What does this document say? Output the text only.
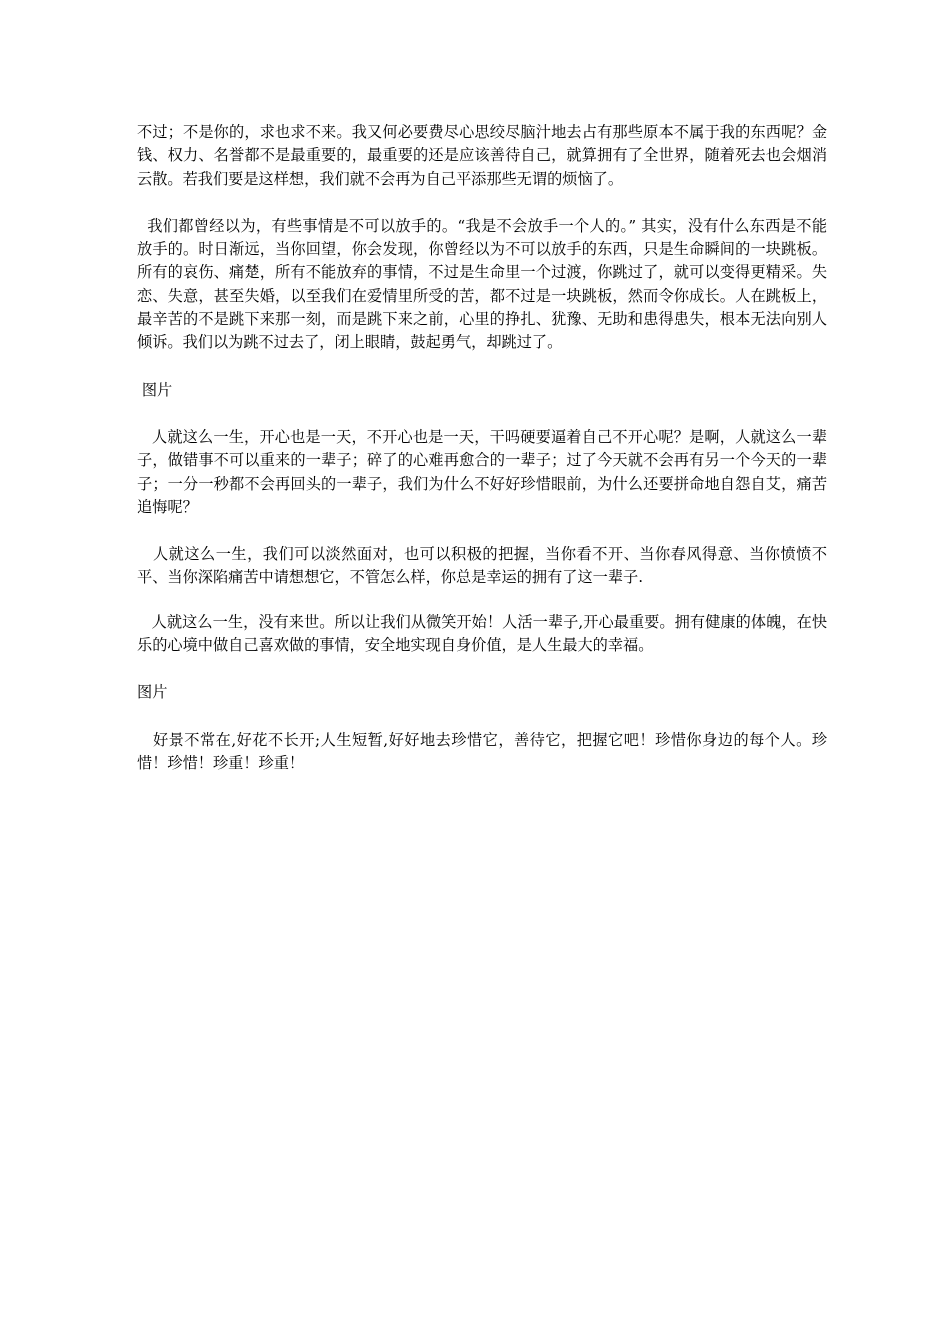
不过；不是你的，求也求不来。我又何必要费尽心思绞尽脑汁地去占有那些原本不属于我的东西呢？金钱、权力、名誉都不是最重要的，最重要的还是应该善待自己，就算拥有了全世界，随着死去也会烟消云散。若我们要是这样想，我们就不会再为自己平添那些无谓的烦恼了。

我们都曾经以为，有些事情是不可以放手的。“我是不会放手一个人的。” 其实，没有什么东西是不能放手的。时日渐远，当你回望，你会发现，你曾经以为不可以放手的东西，只是生命瞬间的一块跳板。所有的哀伤、痛楚，所有不能放弃的事情，不过是生命里一个过渡，你跳过了，就可以变得更精采。失恋、失意，甚至失婚，以至我们在爱情里所受的苦，都不过是一块跳板，然而令你成长。人在跳板上，最辛苦的不是跳下来那一刻，而是跳下来之前，心里的挣扎、犹豫、无助和患得患失，根本无法向别人倾诉。我们以为跳不过去了，闭上眼睛，鼓起勇气，却跳过了。

图片

人就这么一生，开心也是一天，不开心也是一天，干吗硬要逼着自己不开心呢？是啊，人就这么一辈子，做错事不可以重来的一辈子；碎了的心难再愈合的一辈子；过了今天就不会再有另一个今天的一辈子；一分一秒都不会再回头的一辈子，我们为什么不好好珍惜眼前，为什么还要拼命地自怨自艾，痛苦追悔呢？

人就这么一生，我们可以淡然面对，也可以积极的把握，当你看不开、当你春风得意、当你愤愤不平、当你深陷痛苦中请想想它，不管怎么样，你总是幸运的拥有了这一辈子.

人就这么一生，没有来世。所以让我们从微笑开始！人活一辈子,开心最重要。拥有健康的体魄，在快乐的心境中做自己喜欢做的事情，安全地实现自身价值，是人生最大的幸福。

图片

好景不常在,好花不长开;人生短暂,好好地去珍惜它，善待它，把握它吧！珍惜你身边的每个人。珍惜！珍惜！珍重！珍重！
